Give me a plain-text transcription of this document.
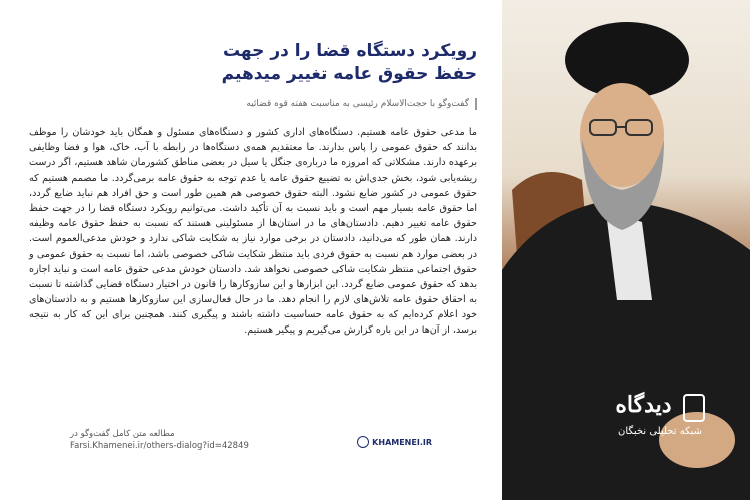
رویکرد دستگاه قضا را در جهت
حفظ حقوق عامه تغییر میدهیم
گفت‌وگو با حجت‌الاسلام رئیسی به مناسبت هفته قوه قضائیه

ما مدعی حقوق عامه هستیم. دستگاه‌های اداری کشور و دستگاه‌های مسئول و همگان باید خودشان را موظف بدانند که حقوق عمومی را پاس بدارند. ما معتقدیم همه‌ی دستگاه‌ها در رابطه با آب، خاک، هوا و فضا وظایفی برعهده دارند. مشکلاتی که امروزه ما درباره‌ی جنگل یا سیل در بعضی مناطق کشورمان شاهد هستیم، اگر درست ریشه‌یابی شود، بخش جدی‌اش به تضییع حقوق عامه یا عدم توجه به حقوق عامه برمی‌گردد. ما مصمم هستیم که حقوق عمومی در کشور ضایع نشود. البته حقوق خصوصی هم همین طور است و حق افراد هم نباید ضایع گردد، اما حقوق عامه بسیار مهم است و باید نسبت به آن تأکید داشت. می‌توانیم رویکرد دستگاه قضا را در جهت حفظ حقوق عامه تغییر دهیم. دادستان‌های ما در استان‌ها از مسئولینی هستند که نسبت به حفظ حقوق عامه وظیفه دارند. همان طور که می‌دانید، دادستان در برخی موارد نیاز به شکایت شاکی ندارد و خودش مدعی‌العموم است. در بعضی موارد هم نسبت به حقوق فردی باید منتظر شکایت شاکی خصوصی باشد، اما نسبت به حقوق عمومی و حقوق اجتماعی منتظر شکایت شاکی خصوصی نخواهد شد. دادستان خودش مدعی حقوق عامه است و نباید اجازه بدهد که حقوق عمومی ضایع گردد. این ابزارها و این سازوکارها را قانون در اختیار دستگاه قضایی گذاشته تا نسبت به احقاق حقوق عامه تلاش‌های لازم را انجام دهد. ما در حال فعال‌سازی این سازوکارها هستیم و به دادستان‌های خود اعلام کرده‌ایم که به حقوق عامه حساسیت داشته باشند و پیگیری کنند. همچنین برای این که کار به نتیجه برسد، از آن‌ها در این باره گزارش می‌گیریم و پیگیر هستیم.

مطالعه متن کامل گفت‌وگو در
Farsi.Khamenei.ir/others-dialog?id=42849	KHAMENEI.IR
دیدگاه
شبکه تحلیلی نخبگان
